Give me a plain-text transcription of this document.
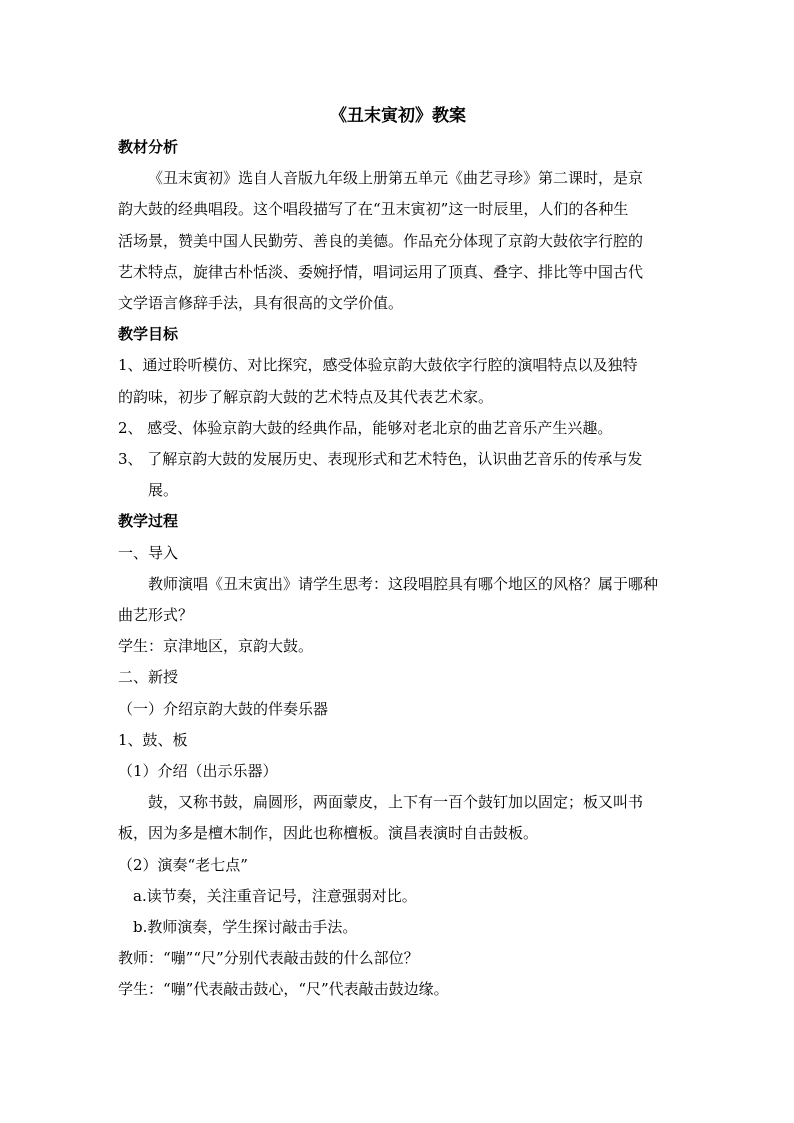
《丑末寅初》教案
教材分析
《丑末寅初》选自人音版九年级上册第五单元《曲艺寻珍》第二课时，是京
韵大鼓的经典唱段。这个唱段描写了在“丑末寅初”这一时辰里，人们的各种生
活场景，赞美中国人民勤劳、善良的美德。作品充分体现了京韵大鼓依字行腔的
艺术特点，旋律古朴恬淡、委婉抒情，唱词运用了顶真、叠字、排比等中国古代
文学语言修辞手法，具有很高的文学价值。
教学目标
1、通过聆听模仿、对比探究，感受体验京韵大鼓依字行腔的演唱特点以及独特
的韵味，初步了解京韵大鼓的艺术特点及其代表艺术家。
2、 感受、体验京韵大鼓的经典作品，能够对老北京的曲艺音乐产生兴趣。
3、 了解京韵大鼓的发展历史、表现形式和艺术特色，认识曲艺音乐的传承与发
展。
教学过程
一、导入
教师演唱《丑末寅出》请学生思考：这段唱腔具有哪个地区的风格？属于哪种
曲艺形式？
学生：京津地区，京韵大鼓。
二、新授
（一）介绍京韵大鼓的伴奏乐器
1、鼓、板
（1）介绍（出示乐器）
鼓，又称书鼓，扁圆形，两面蒙皮，上下有一百个鼓钉加以固定；板又叫书
板，因为多是檀木制作，因此也称檀板。演昌表演时自击鼓板。
（2）演奏“老七点”
a.读节奏，关注重音记号，注意强弱对比。
b.教师演奏，学生探讨敲击手法。
教师：“嘣”“尺”分别代表敲击鼓的什么部位？
学生：“嘣”代表敲击鼓心，“尺”代表敲击鼓边缘。
